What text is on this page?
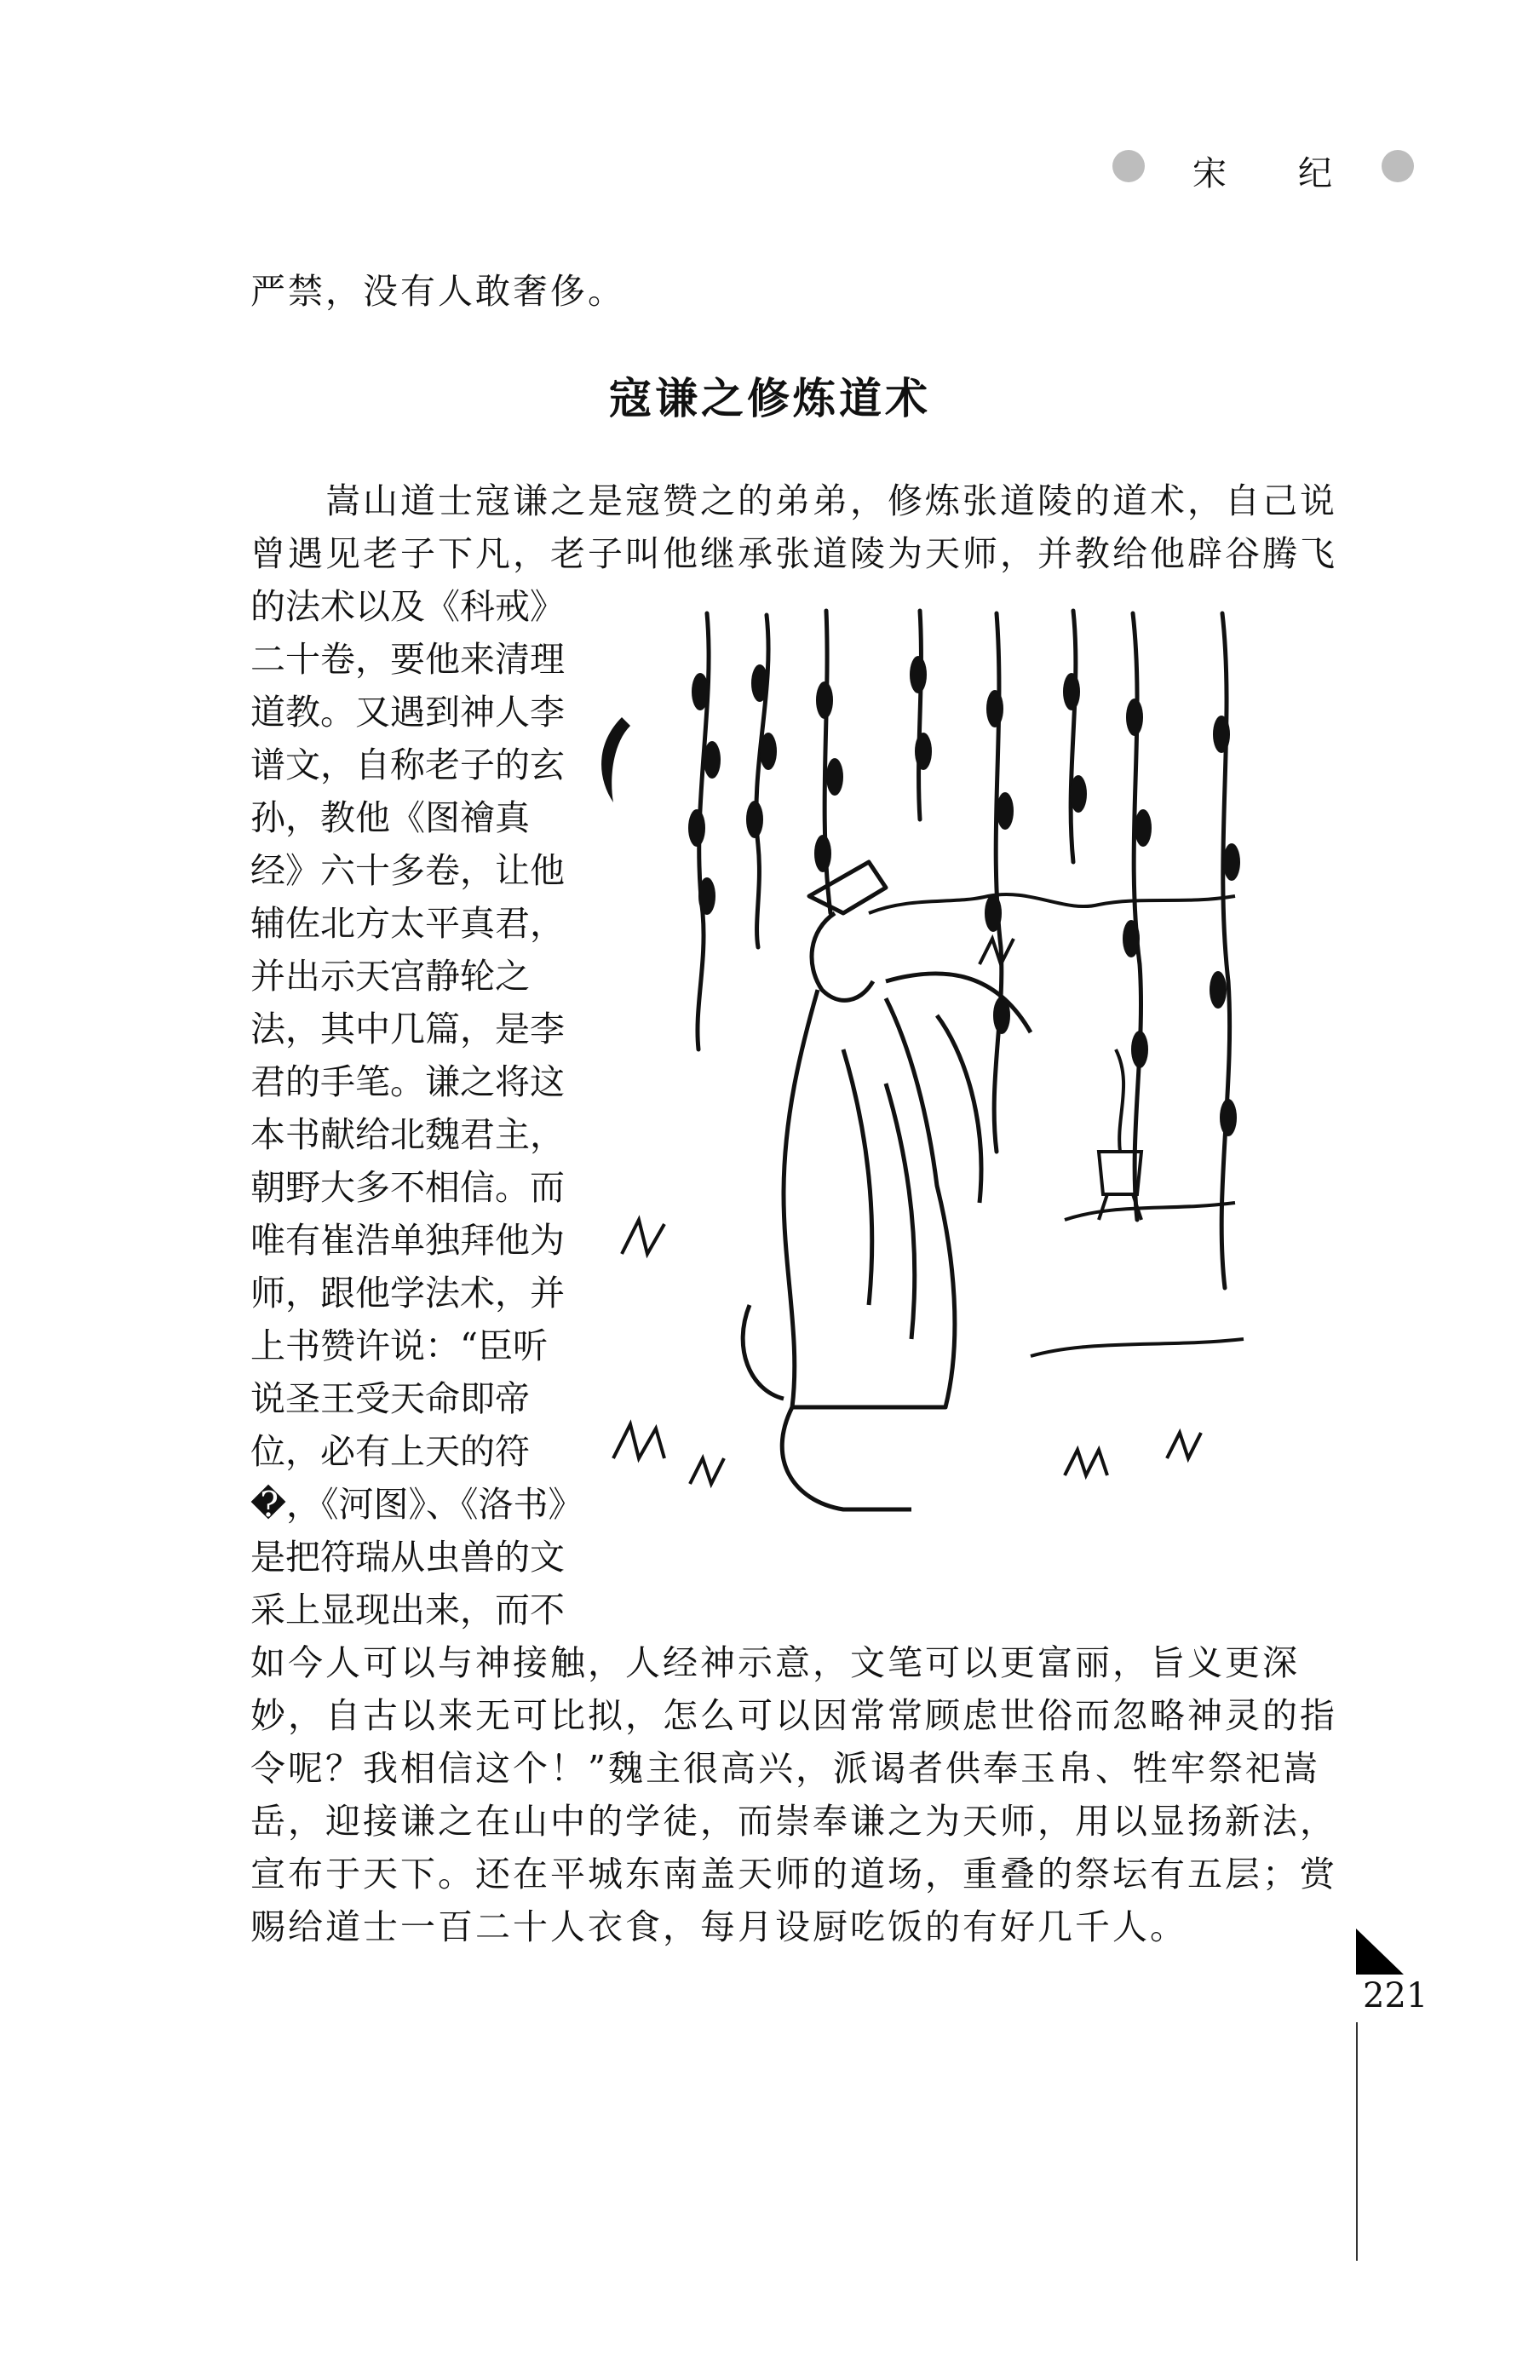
宋 纪
严禁，没有人敢奢侈。
寇谦之修炼道术
　　嵩山道士寇谦之是寇赞之的弟弟，修炼张道陵的道术，自己说
曾遇见老子下凡，老子叫他继承张道陵为天师，并教给他辟谷腾飞
的法术以及《科戒》
二十卷，要他来清理
道教。又遇到神人李
谱文，自称老子的玄
孙，教他《图禬真
经》六十多卷，让他
辅佐北方太平真君，
并出示天宫静轮之
法，其中几篇，是李
君的手笔。谦之将这
本书献给北魏君主，
朝野大多不相信。而
唯有崔浩单独拜他为
师，跟他学法术，并
上书赞许说：“臣听
说圣王受天命即帝
位，必有上天的符
�，《河图》、《洛书》
是把符瑞从虫兽的文
采上显现出来，而不
如今人可以与神接触，人经神示意，文笔可以更富丽，旨义更深
妙，自古以来无可比拟，怎么可以因常常顾虑世俗而忽略神灵的指
令呢？我相信这个！”魏主很高兴，派谒者供奉玉帛、牲牢祭祀嵩
岳，迎接谦之在山中的学徒，而崇奉谦之为天师，用以显扬新法，
宣布于天下。还在平城东南盖天师的道场，重叠的祭坛有五层；赏
赐给道士一百二十人衣食，每月设厨吃饭的有好几千人。
221
